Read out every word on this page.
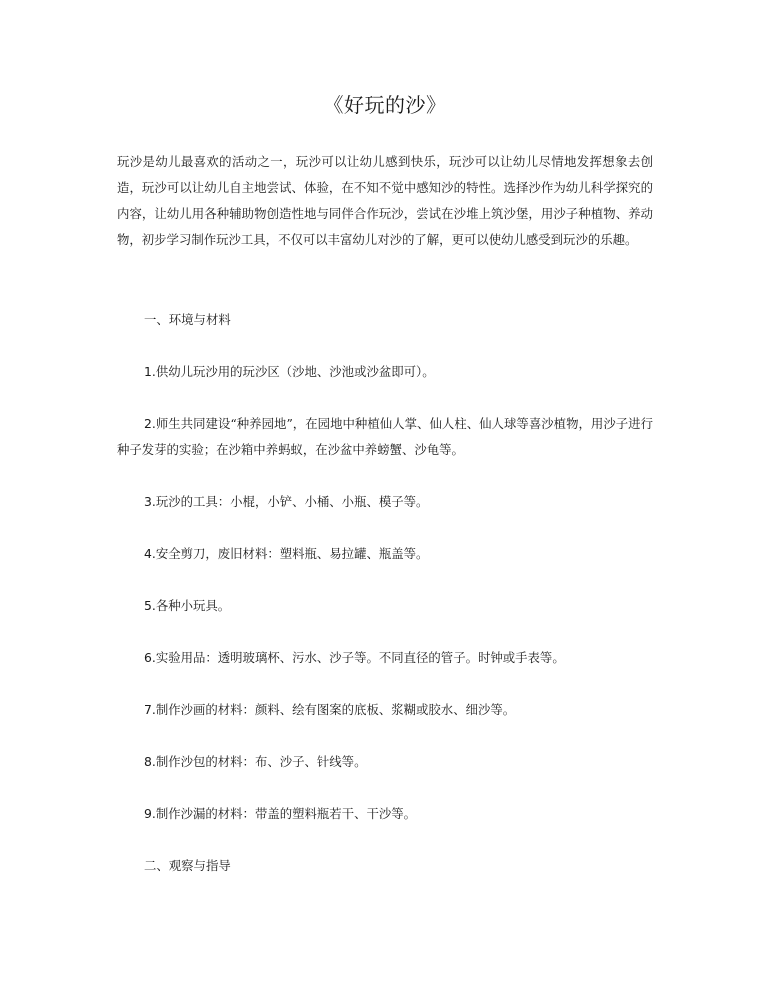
《好玩的沙》

玩沙是幼儿最喜欢的活动之一，玩沙可以让幼儿感到快乐，玩沙可以让幼儿尽情地发挥想象去创造，玩沙可以让幼儿自主地尝试、体验，在不知不觉中感知沙的特性。选择沙作为幼儿科学探究的内容，让幼儿用各种辅助物创造性地与同伴合作玩沙，尝试在沙堆上筑沙堡，用沙子种植物、养动物，初步学习制作玩沙工具，不仅可以丰富幼儿对沙的了解，更可以使幼儿感受到玩沙的乐趣。

一、环境与材料

1.供幼儿玩沙用的玩沙区（沙地、沙池或沙盆即可）。

2.师生共同建设“种养园地”，在园地中种植仙人掌、仙人柱、仙人球等喜沙植物，用沙子进行种子发芽的实验；在沙箱中养蚂蚁，在沙盆中养螃蟹、沙龟等。

3.玩沙的工具：小棍，小铲、小桶、小瓶、模子等。

4.安全剪刀，废旧材料：塑料瓶、易拉罐、瓶盖等。

5.各种小玩具。

6.实验用品：透明玻璃杯、污水、沙子等。不同直径的管子。时钟或手表等。

7.制作沙画的材料：颜料、绘有图案的底板、浆糊或胶水、细沙等。

8.制作沙包的材料：布、沙子、针线等。

9.制作沙漏的材料：带盖的塑料瓶若干、干沙等。

二、观察与指导
